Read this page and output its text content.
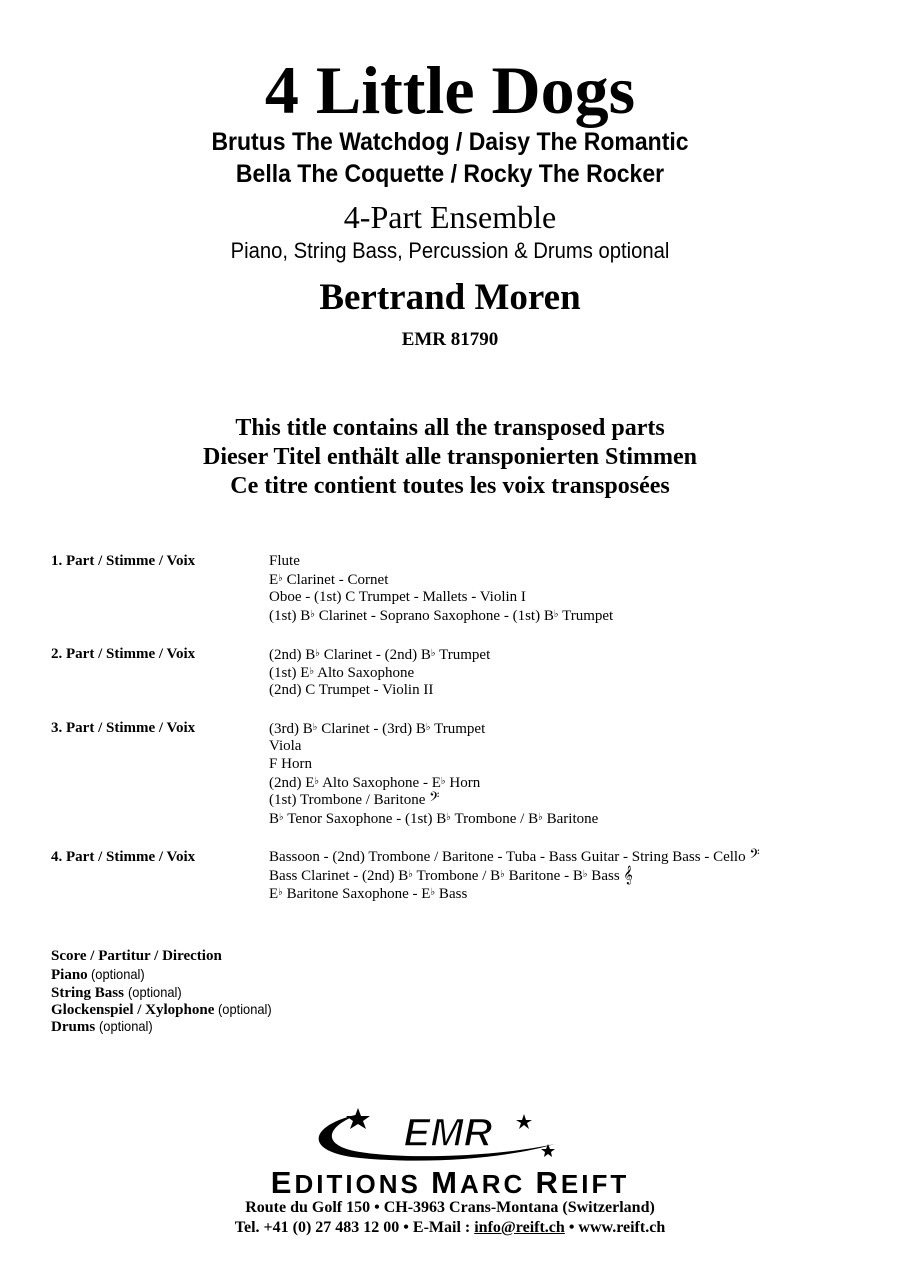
4 Little Dogs
Brutus The Watchdog / Daisy The Romantic
Bella The Coquette / Rocky The Rocker
4-Part Ensemble
Piano, String Bass, Percussion & Drums optional
Bertrand Moren
EMR 81790
This title contains all the transposed parts
Dieser Titel enthält alle transponierten Stimmen
Ce titre contient toutes les voix transposées
1. Part / Stimme / Voix	Flute
E♭ Clarinet - Cornet
Oboe - (1st) C Trumpet - Mallets - Violin I
(1st) B♭ Clarinet - Soprano Saxophone - (1st) B♭ Trumpet
2. Part / Stimme / Voix	(2nd) B♭ Clarinet - (2nd) B♭ Trumpet
(1st) E♭ Alto Saxophone
(2nd) C Trumpet - Violin II
3. Part / Stimme / Voix	(3rd) B♭ Clarinet - (3rd) B♭ Trumpet
Viola
F Horn
(2nd) E♭ Alto Saxophone - E♭ Horn
(1st) Trombone / Baritone 𝄢
B♭ Tenor Saxophone - (1st) B♭ Trombone / B♭ Baritone
4. Part / Stimme / Voix	Bassoon - (2nd) Trombone / Baritone - Tuba - Bass Guitar - String Bass - Cello 𝄢
Bass Clarinet - (2nd) B♭ Trombone / B♭ Baritone - B♭ Bass 𝄞
E♭ Baritone Saxophone - E♭ Bass
Score / Partitur / Direction
Piano (optional)
String Bass (optional)
Glockenspiel / Xylophone (optional)
Drums (optional)
EMR
EDITIONS MARC REIFT
Route du Golf 150 • CH-3963 Crans-Montana (Switzerland)
Tel. +41 (0) 27 483 12 00 • E-Mail : info@reift.ch • www.reift.ch
